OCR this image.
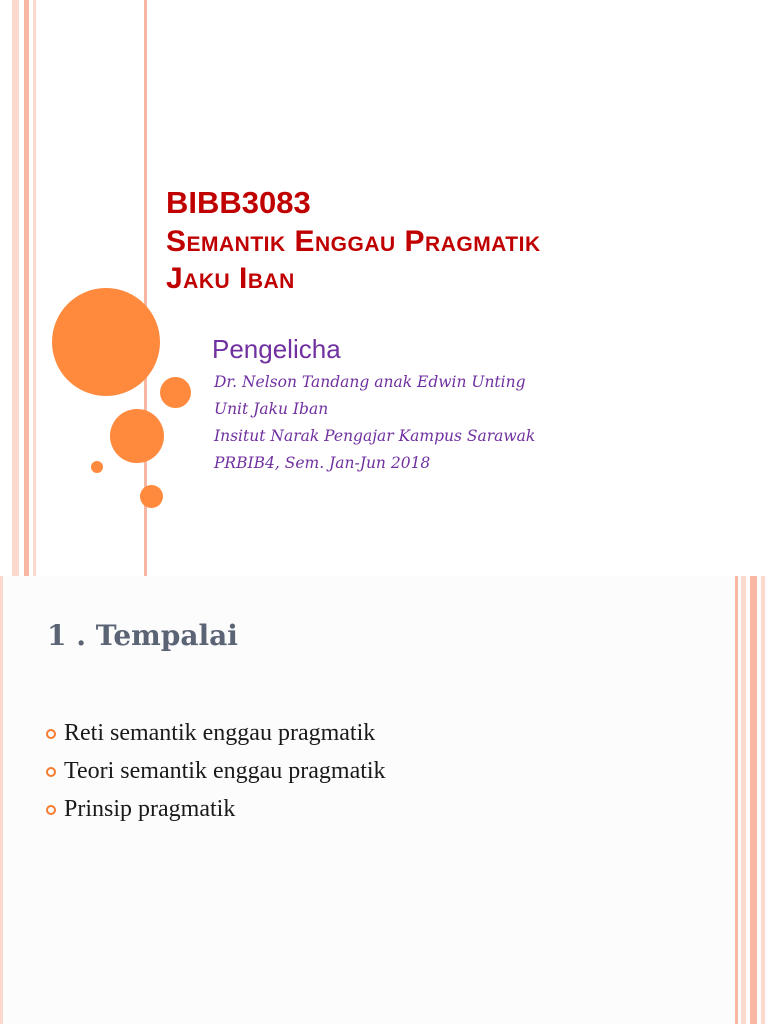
BIBB3083
Semantik Enggau Pragmatik
Jaku Iban
Pengelicha
Dr. Nelson Tandang anak Edwin Unting
Unit Jaku Iban
Insitut Narak Pengajar Kampus Sarawak
PRBIB4, Sem. Jan-Jun 2018
1 . Tempalai
Reti semantik enggau pragmatik
Teori semantik enggau pragmatik
Prinsip pragmatik
